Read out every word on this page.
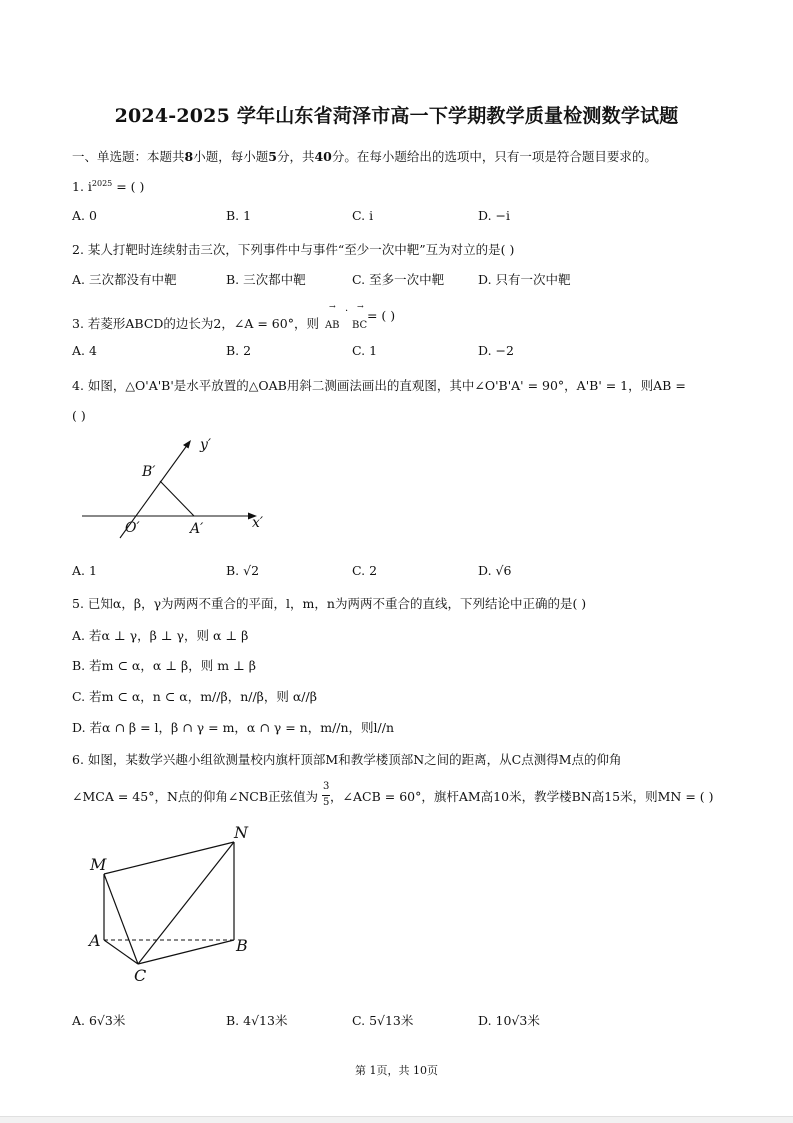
2024-2025 学年山东省菏泽市高一下学期教学质量检测数学试题
一、单选题：本题共8小题，每小题5分，共40分。在每小题给出的选项中，只有一项是符合题目要求的。
1. $i^{2025}$ = ( )
A. 0	B. 1	C. i	D. −i
2. 某人打靶时连续射击三次，下列事件中与事件“至少一次中靶”互为对立的是( )
A. 三次都没有中靶	B. 三次都中靶	C. 至多一次中靶	D. 只有一次中靶
3. 若菱形ABCD的边长为2，∠A = 60°，则
→
AB
· →
BC
= ( )
A. 4	B. 2	C. 1	D. −2
4. 如图，△O'A'B'是水平放置的△OAB用斜二测画法画出的直观图，其中∠O'B'A' = 90°，A'B' = 1，则AB =
( )
y′
x′
B′
O′	A′
A. 1	B. √2	C. 2	D. √6
5. 已知α，β，γ为两两不重合的平面，l，m，n为两两不重合的直线，下列结论中正确的是( )
A. 若α ⊥ γ，β ⊥ γ，则 α ⊥ β
B. 若m ⊂ α，α ⊥ β，则 m ⊥ β
C. 若m ⊂ α，n ⊂ α，m//β，n//β，则 α//β
D. 若α ∩ β = l，β ∩ γ = m，α ∩ γ = n，m//n，则l//n
6. 如图，某数学兴趣小组欲测量校内旗杆顶部M和教学楼顶部N之间的距离，从C点测得M点的仰角
∠MCA = 45°，N点的仰角∠NCB正弦值为 $\frac{3}{5}$ ，∠ACB = 60°，旗杆AM高10米，教学楼BN高15米，则MN = ( )
N
M
A	B
C
A. 6√3米	B. 4√13米	C. 5√13米	D. 10√3米
第 1页，共 10页
